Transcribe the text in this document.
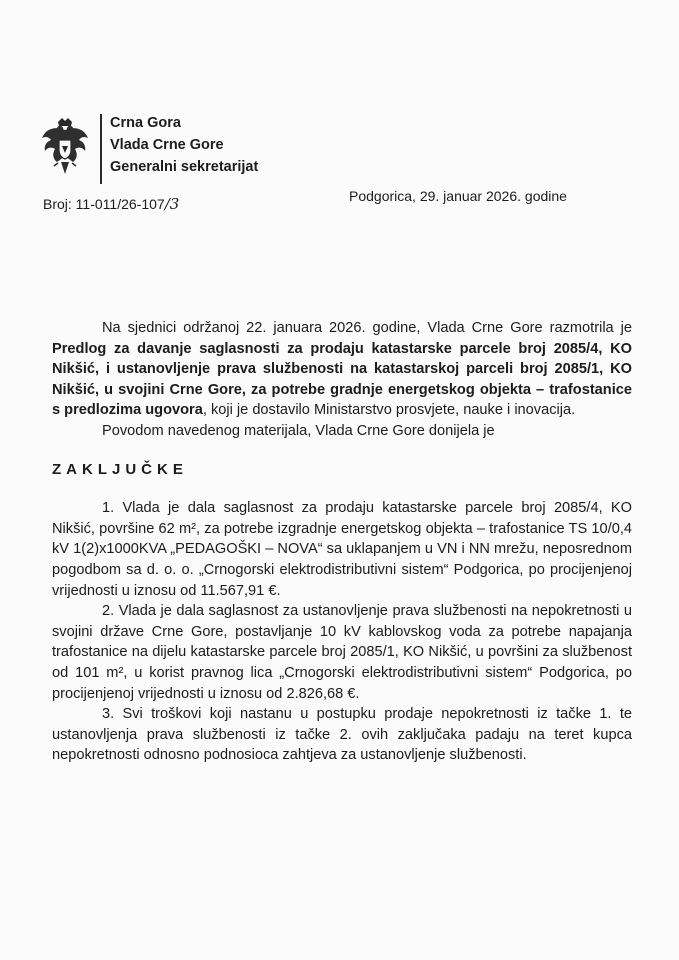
Crna Gora
Vlada Crne Gore
Generalni sekretarijat
Broj: 11-011/26-107/3	Podgorica, 29. januar 2026. godine

Na sjednici održanoj 22. januara 2026. godine, Vlada Crne Gore razmotrila je Predlog za davanje saglasnosti za prodaju katastarske parcele broj 2085/4, KO Nikšić, i ustanovljenje prava službenosti na katastarskoj parceli broj 2085/1, KO Nikšić, u svojini Crne Gore, za potrebe gradnje energetskog objekta – trafostanice s predlozima ugovora, koji je dostavilo Ministarstvo prosvjete, nauke i inovacija.

Povodom navedenog materijala, Vlada Crne Gore donijela je

ZAKLJUČKE

1. Vlada je dala saglasnost za prodaju katastarske parcele broj 2085/4, KO Nikšić, površine 62 m², za potrebe izgradnje energetskog objekta – trafostanice TS 10/0,4 kV 1(2)x1000KVA „PEDAGOŠKI – NOVA“ sa uklapanjem u VN i NN mrežu, neposrednom pogodbom sa d. o. o. „Crnogorski elektrodistributivni sistem“ Podgorica, po procijenjenoj vrijednosti u iznosu od 11.567,91 €.

2. Vlada je dala saglasnost za ustanovljenje prava službenosti na nepokretnosti u svojini države Crne Gore, postavljanje 10 kV kablovskog voda za potrebe napajanja trafostanice na dijelu katastarske parcele broj 2085/1, KO Nikšić, u površini za službenost od 101 m², u korist pravnog lica „Crnogorski elektrodistributivni sistem“ Podgorica, po procijenjenoj vrijednosti u iznosu od 2.826,68 €.

3. Svi troškovi koji nastanu u postupku prodaje nepokretnosti iz tačke 1. te ustanovljenja prava službenosti iz tačke 2. ovih zaključaka padaju na teret kupca nepokretnosti odnosno podnosioca zahtjeva za ustanovljenje službenosti.
